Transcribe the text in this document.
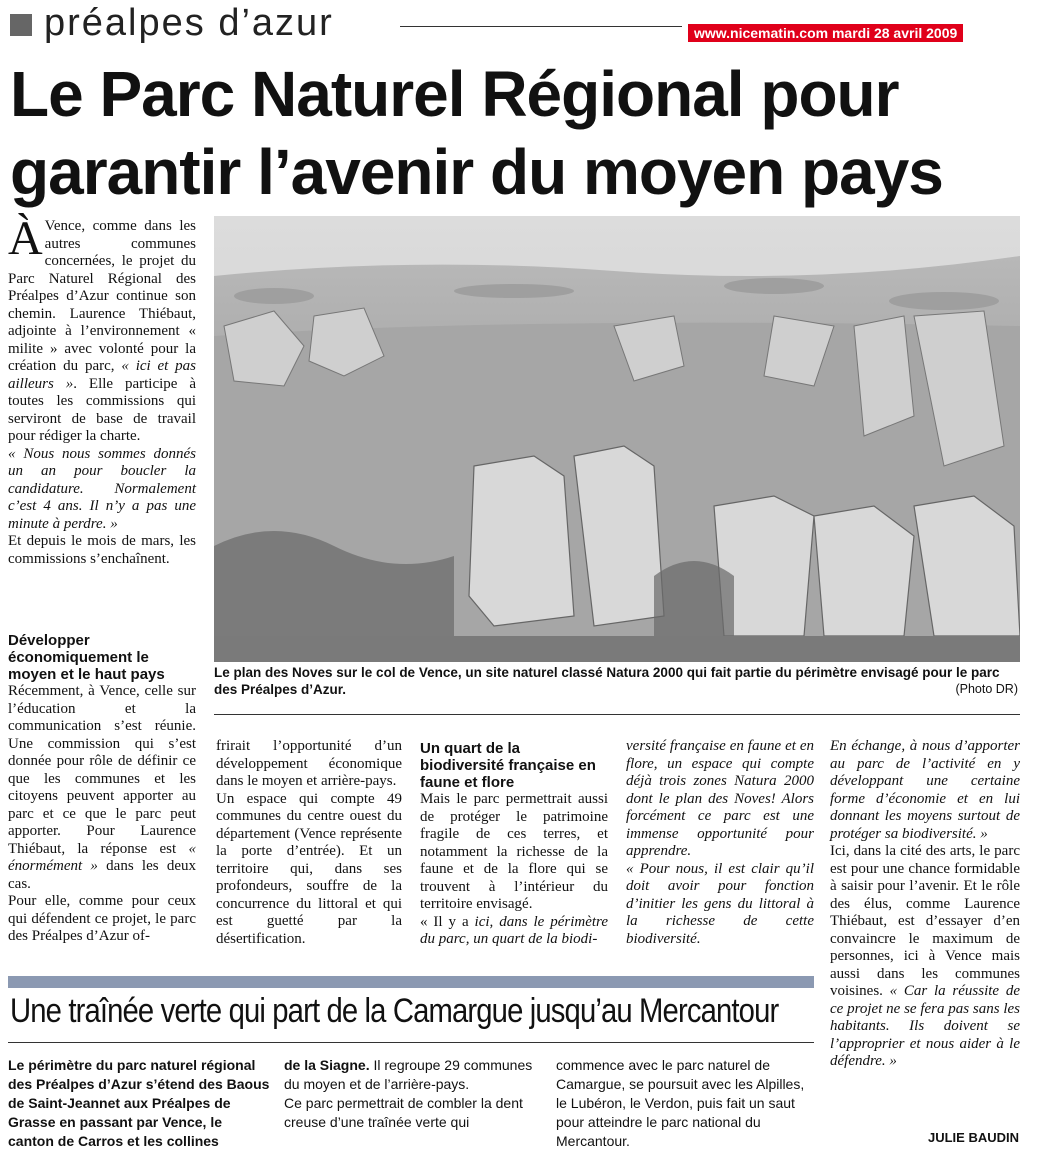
préalpes d’azur	www.nicematin.com mardi 28 avril 2009
Le Parc Naturel Régional pour
garantir l’avenir du moyen pays
Le plan des Noves sur le col de Vence, un site naturel classé Natura 2000 qui fait partie du périmètre envisagé pour le parc des Préalpes d’Azur.	(Photo DR)

À Vence, comme dans les autres communes concernées, le projet du Parc Naturel Régional des Préalpes d’Azur continue son chemin. Laurence Thiébaut, adjointe à l’environnement « milite » avec volonté pour la création du parc, « ici et pas ailleurs ». Elle participe à toutes les commissions qui serviront de base de travail pour rédiger la charte.

« Nous nous sommes donnés un an pour boucler la candidature. Normalement c’est 4 ans. Il n’y a pas une minute à perdre. »

Et depuis le mois de mars, les commissions s’enchaînent.

Développer économiquement le moyen et le haut pays

Récemment, à Vence, celle sur l’éducation et la communication s’est réunie. Une commission qui s’est donnée pour rôle de définir ce que les communes et les citoyens peuvent apporter au parc et ce que le parc peut apporter. Pour Laurence Thiébaut, la réponse est « énormément » dans les deux cas.

Pour elle, comme pour ceux qui défendent ce projet, le parc des Préalpes d’Azur of-

frirait l’opportunité d’un développement économique dans le moyen et arrière-pays.

Un espace qui compte 49 communes du centre ouest du département (Vence représente la porte d’entrée). Et un territoire qui, dans ses profondeurs, souffre de la concurrence du littoral et qui est guetté par la désertification.

Un quart de la biodiversité française en faune et flore

Mais le parc permettrait aussi de protéger le patrimoine fragile de ces terres, et notamment la richesse de la faune et de la flore qui se trouvent à l’intérieur du territoire envisagé.

« Il y a ici, dans le périmètre du parc, un quart de la biodi-

versité française en faune et en flore, un espace qui compte déjà trois zones Natura 2000 dont le plan des Noves! Alors forcément ce parc est une immense opportunité pour apprendre.

« Pour nous, il est clair qu’il doit avoir pour fonction d’initier les gens du littoral à la richesse de cette biodiversité.

En échange, à nous d’apporter au parc de l’activité en y développant une certaine forme d’économie et en lui donnant les moyens surtout de protéger sa biodiversité. »

Ici, dans la cité des arts, le parc est pour une chance formidable à saisir pour l’avenir. Et le rôle des élus, comme Laurence Thiébaut, est d’essayer d’en convaincre le maximum de personnes, ici à Vence mais aussi dans les communes voisines. « Car la réussite de ce projet ne se fera pas sans les habitants. Ils doivent se l’approprier et nous aider à le défendre. »

JULIE BAUDIN
Une traînée verte qui part de la Camargue jusqu’au Mercantour

Le périmètre du parc naturel régional des Préalpes d’Azur s’étend des Baous de Saint-Jeannet aux Préalpes de Grasse en passant par Vence, le canton de Carros et les collines

de la Siagne. Il regroupe 29 communes du moyen et de l’arrière-pays.

Ce parc permettrait de combler la dent creuse d’une traînée verte qui

commence avec le parc naturel de Camargue, se poursuit avec les Alpilles, le Lubéron, le Verdon, puis fait un saut pour atteindre le parc national du Mercantour.
